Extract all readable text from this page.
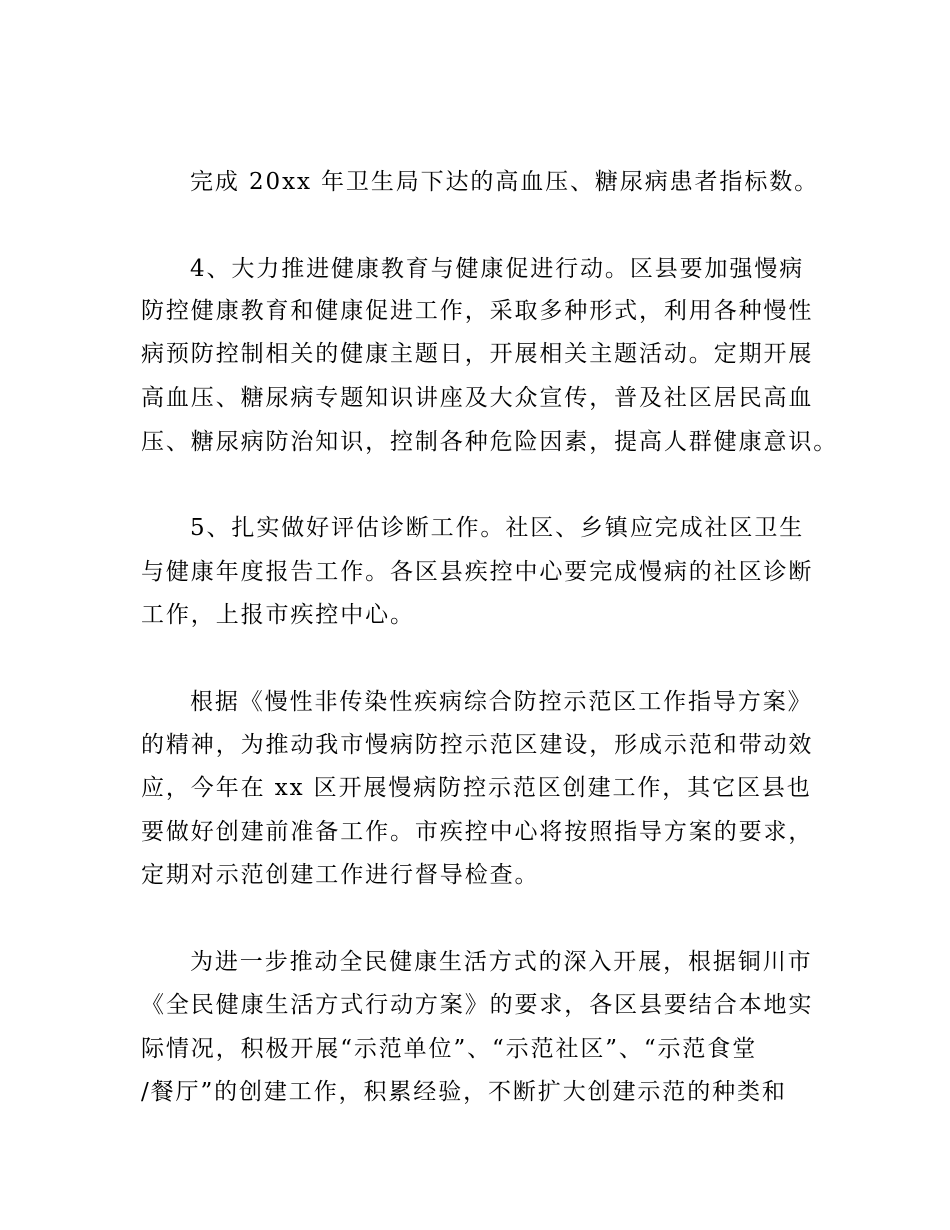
完成 20xx 年卫生局下达的高血压、糖尿病患者指标数。
4、大力推进健康教育与健康促进行动。区县要加强慢病
防控健康教育和健康促进工作，采取多种形式，利用各种慢性
病预防控制相关的健康主题日，开展相关主题活动。定期开展
高血压、糖尿病专题知识讲座及大众宣传，普及社区居民高血
压、糖尿病防治知识，控制各种危险因素，提高人群健康意识。
5、扎实做好评估诊断工作。社区、乡镇应完成社区卫生
与健康年度报告工作。各区县疾控中心要完成慢病的社区诊断
工作，上报市疾控中心。
根据《慢性非传染性疾病综合防控示范区工作指导方案》
的精神，为推动我市慢病防控示范区建设，形成示范和带动效
应，今年在 xx 区开展慢病防控示范区创建工作，其它区县也
要做好创建前准备工作。市疾控中心将按照指导方案的要求，
定期对示范创建工作进行督导检查。
为进一步推动全民健康生活方式的深入开展，根据铜川市
《全民健康生活方式行动方案》的要求，各区县要结合本地实
际情况，积极开展“示范单位”、“示范社区”、“示范食堂
/餐厅”的创建工作，积累经验，不断扩大创建示范的种类和
